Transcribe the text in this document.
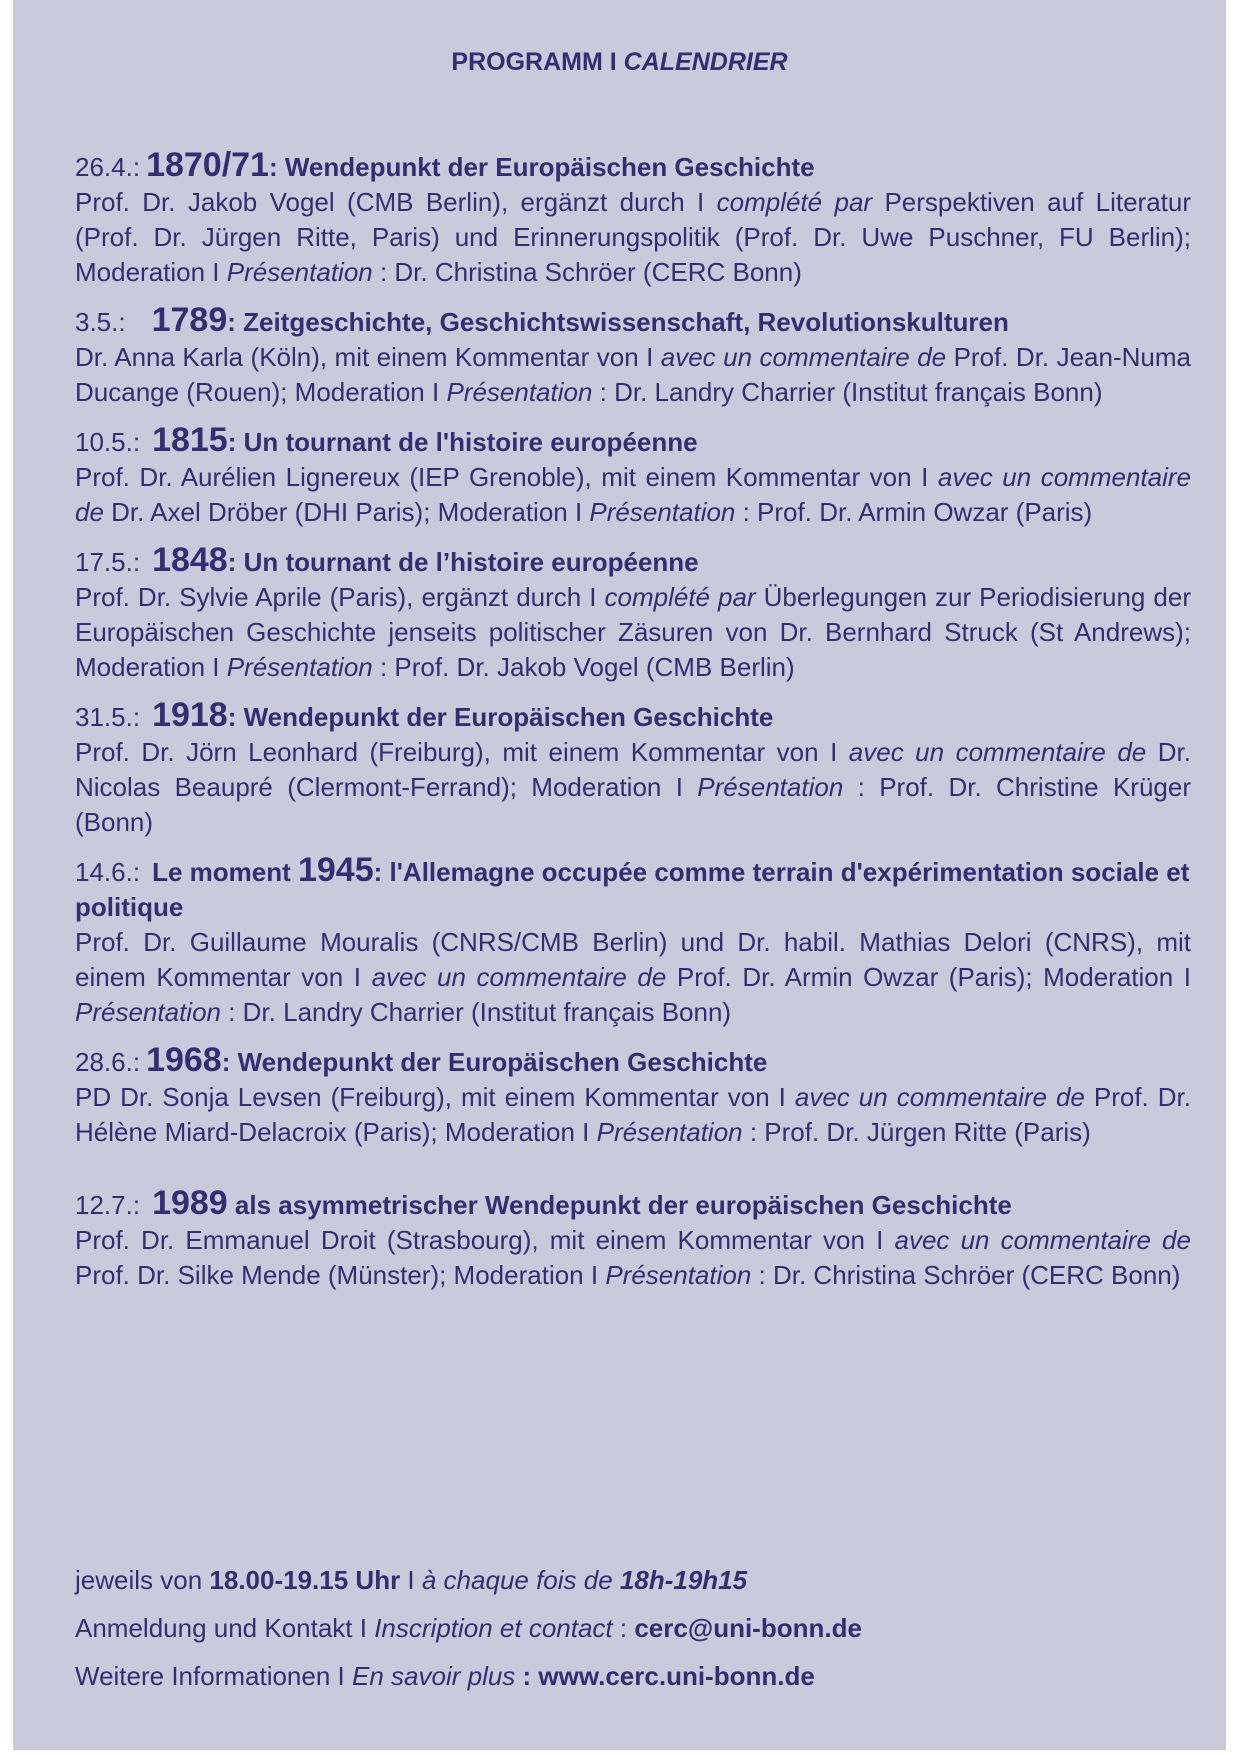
PROGRAMM I CALENDRIER
26.4.: 1870/71: Wendepunkt der Europäischen Geschichte
Prof. Dr. Jakob Vogel (CMB Berlin), ergänzt durch I complété par Perspektiven auf Literatur (Prof. Dr. Jürgen Ritte, Paris) und Erinnerungspolitik (Prof. Dr. Uwe Puschner, FU Berlin); Moderation I Présentation : Dr. Christina Schröer (CERC Bonn)
3.5.: 1789: Zeitgeschichte, Geschichtswissenschaft, Revolutionskulturen
Dr. Anna Karla (Köln), mit einem Kommentar von I avec un commentaire de Prof. Dr. Jean-Numa Ducange (Rouen); Moderation I Présentation : Dr. Landry Charrier (Institut français Bonn)
10.5.: 1815: Un tournant de l'histoire européenne
Prof. Dr. Aurélien Lignereux (IEP Grenoble), mit einem Kommentar von I avec un commentaire de Dr. Axel Dröber (DHI Paris); Moderation I Présentation : Prof. Dr. Armin Owzar (Paris)
17.5.: 1848: Un tournant de l’histoire européenne
Prof. Dr. Sylvie Aprile (Paris), ergänzt durch I complété par Überlegungen zur Periodisierung der Europäischen Geschichte jenseits politischer Zäsuren von Dr. Bernhard Struck (St Andrews); Moderation I Présentation : Prof. Dr. Jakob Vogel (CMB Berlin)
31.5.: 1918: Wendepunkt der Europäischen Geschichte
Prof. Dr. Jörn Leonhard (Freiburg), mit einem Kommentar von I avec un commentaire de Dr. Nicolas Beaupré (Clermont-Ferrand); Moderation I Présentation : Prof. Dr. Christine Krüger (Bonn)
14.6.: Le moment 1945: l'Allemagne occupée comme terrain d'expérimentation sociale et politique
Prof. Dr. Guillaume Mouralis (CNRS/CMB Berlin) und Dr. habil. Mathias Delori (CNRS), mit einem Kommentar von I avec un commentaire de Prof. Dr. Armin Owzar (Paris); Moderation I Présentation : Dr. Landry Charrier (Institut français Bonn)
28.6.: 1968: Wendepunkt der Europäischen Geschichte
PD Dr. Sonja Levsen (Freiburg), mit einem Kommentar von I avec un commentaire de Prof. Dr. Hélène Miard-Delacroix (Paris); Moderation I Présentation : Prof. Dr. Jürgen Ritte (Paris)
12.7.: 1989 als asymmetrischer Wendepunkt der europäischen Geschichte
Prof. Dr. Emmanuel Droit (Strasbourg), mit einem Kommentar von I avec un commentaire de Prof. Dr. Silke Mende (Münster); Moderation I Présentation : Dr. Christina Schröer (CERC Bonn)
jeweils von 18.00-19.15 Uhr I à chaque fois de 18h-19h15
Anmeldung und Kontakt I Inscription et contact : cerc@uni-bonn.de
Weitere Informationen I En savoir plus : www.cerc.uni-bonn.de
